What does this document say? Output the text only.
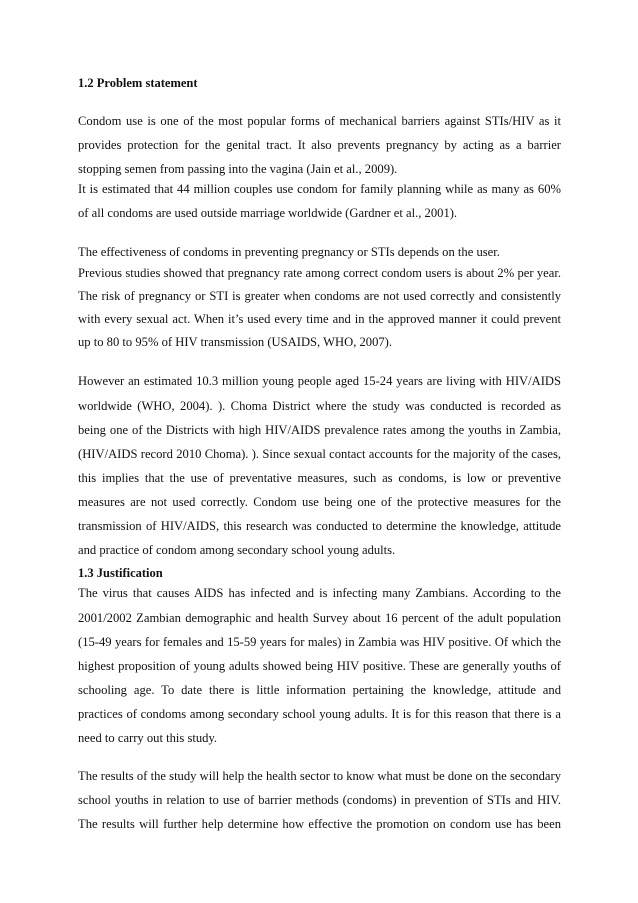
1.2 Problem statement
Condom use is one of the most popular forms of mechanical barriers against STIs/HIV as it
provides protection for the genital tract. It also prevents pregnancy by acting as a barrier
stopping semen from passing into the vagina (Jain et al., 2009).
It is estimated that 44 million couples use condom for family planning while as many as 60%
of all condoms are used outside marriage worldwide (Gardner et al., 2001).
The effectiveness of condoms in preventing pregnancy or STIs depends on the user.
Previous studies showed that pregnancy rate among correct condom users is about 2% per year.
The risk of pregnancy or STI is greater when condoms are not used correctly and consistently
with every sexual act. When it’s used every time and in the approved manner it could prevent
up to 80 to 95% of HIV transmission (USAIDS, WHO, 2007).
However an estimated 10.3 million young people aged 15-24 years are living with HIV/AIDS
worldwide (WHO, 2004). ). Choma District where the study was conducted is recorded as
being one of the Districts with high HIV/AIDS prevalence rates among the youths in Zambia,
(HIV/AIDS record 2010 Choma). ). Since sexual contact accounts for the majority of the cases,
this implies that the use of preventative measures, such as condoms, is low or preventive
measures are not used correctly. Condom use being one of the protective measures for the
transmission of HIV/AIDS, this research was conducted to determine the knowledge, attitude
and practice of condom among secondary school young adults.
1.3 Justification
The virus that causes AIDS has infected and is infecting many Zambians. According to the
2001/2002 Zambian demographic and health Survey about 16 percent of the adult population
(15-49 years for females and 15-59 years for males) in Zambia was HIV positive. Of which the
highest proposition of young adults showed being HIV positive. These are generally youths of
schooling age. To date there is little information pertaining the knowledge, attitude and
practices of condoms among secondary school young adults. It is for this reason that there is a
need to carry out this study.
The results of the study will help the health sector to know what must be done on the secondary
school youths in relation to use of barrier methods (condoms) in prevention of STIs and HIV.
The results will further help determine how effective the promotion on condom use has been
